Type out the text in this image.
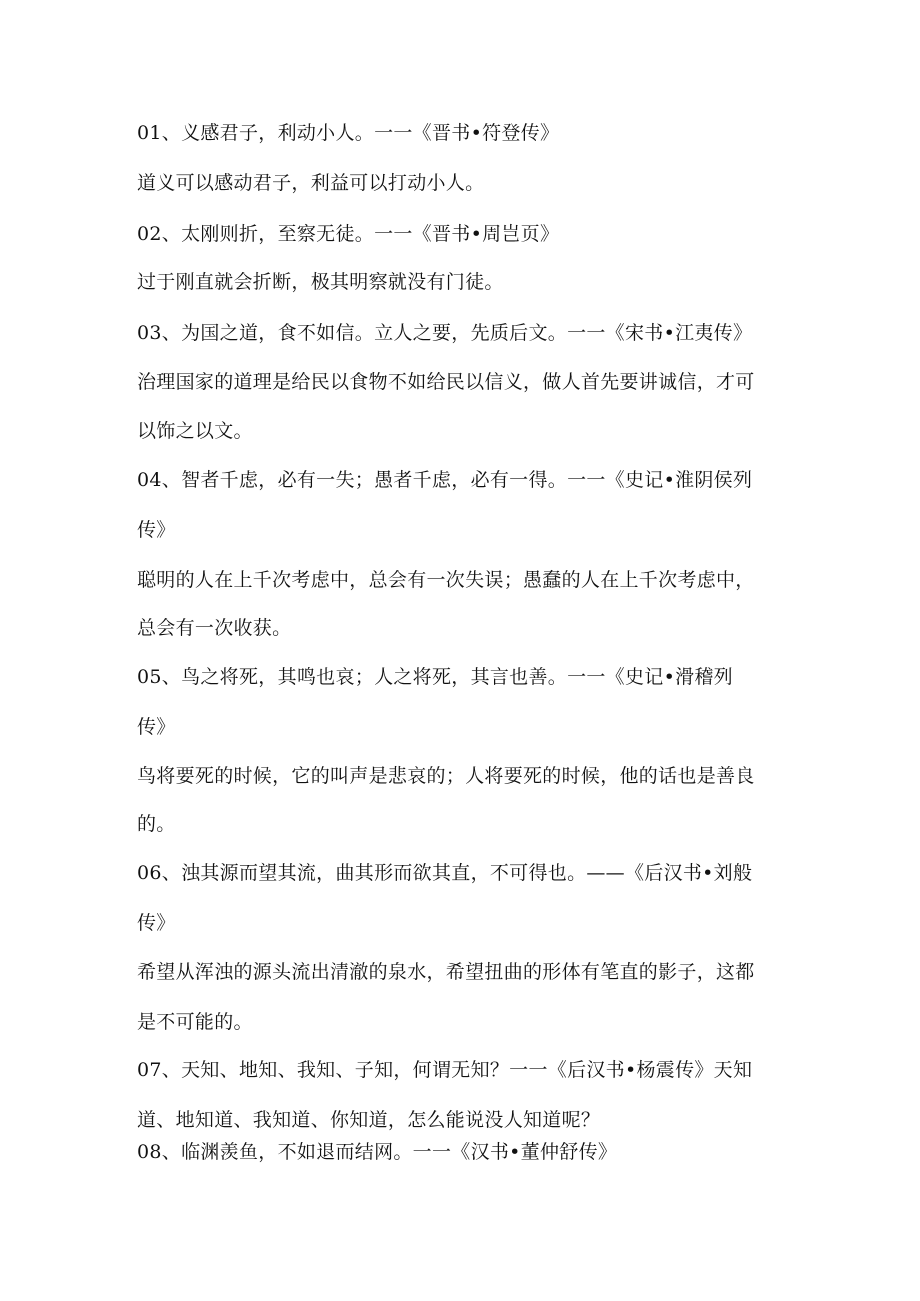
01、义感君子，利动小人。一一《晋书•符登传》
道义可以感动君子，利益可以打动小人。
02、太刚则折，至察无徒。一一《晋书•周岂页》
过于刚直就会折断，极其明察就没有门徒。
03、为国之道，食不如信。立人之要，先质后文。一一《宋书•江夷传》
治理国家的道理是给民以食物不如给民以信义，做人首先要讲诚信，才可
以饰之以文。
04、智者千虑，必有一失；愚者千虑，必有一得。一一《史记•淮阴侯列
传》
聪明的人在上千次考虑中，总会有一次失误；愚蠢的人在上千次考虑中，
总会有一次收获。
05、鸟之将死，其鸣也哀；人之将死，其言也善。一一《史记•滑稽列
传》
鸟将要死的时候，它的叫声是悲哀的；人将要死的时候，他的话也是善良
的。
06、浊其源而望其流，曲其形而欲其直，不可得也。——《后汉书•刘般
传》
希望从浑浊的源头流出清澈的泉水，希望扭曲的形体有笔直的影子，这都
是不可能的。
07、天知、地知、我知、子知，何谓无知？一一《后汉书•杨震传》天知
道、地知道、我知道、你知道，怎么能说没人知道呢？
08、临渊羡鱼，不如退而结网。一一《汉书•董仲舒传》
